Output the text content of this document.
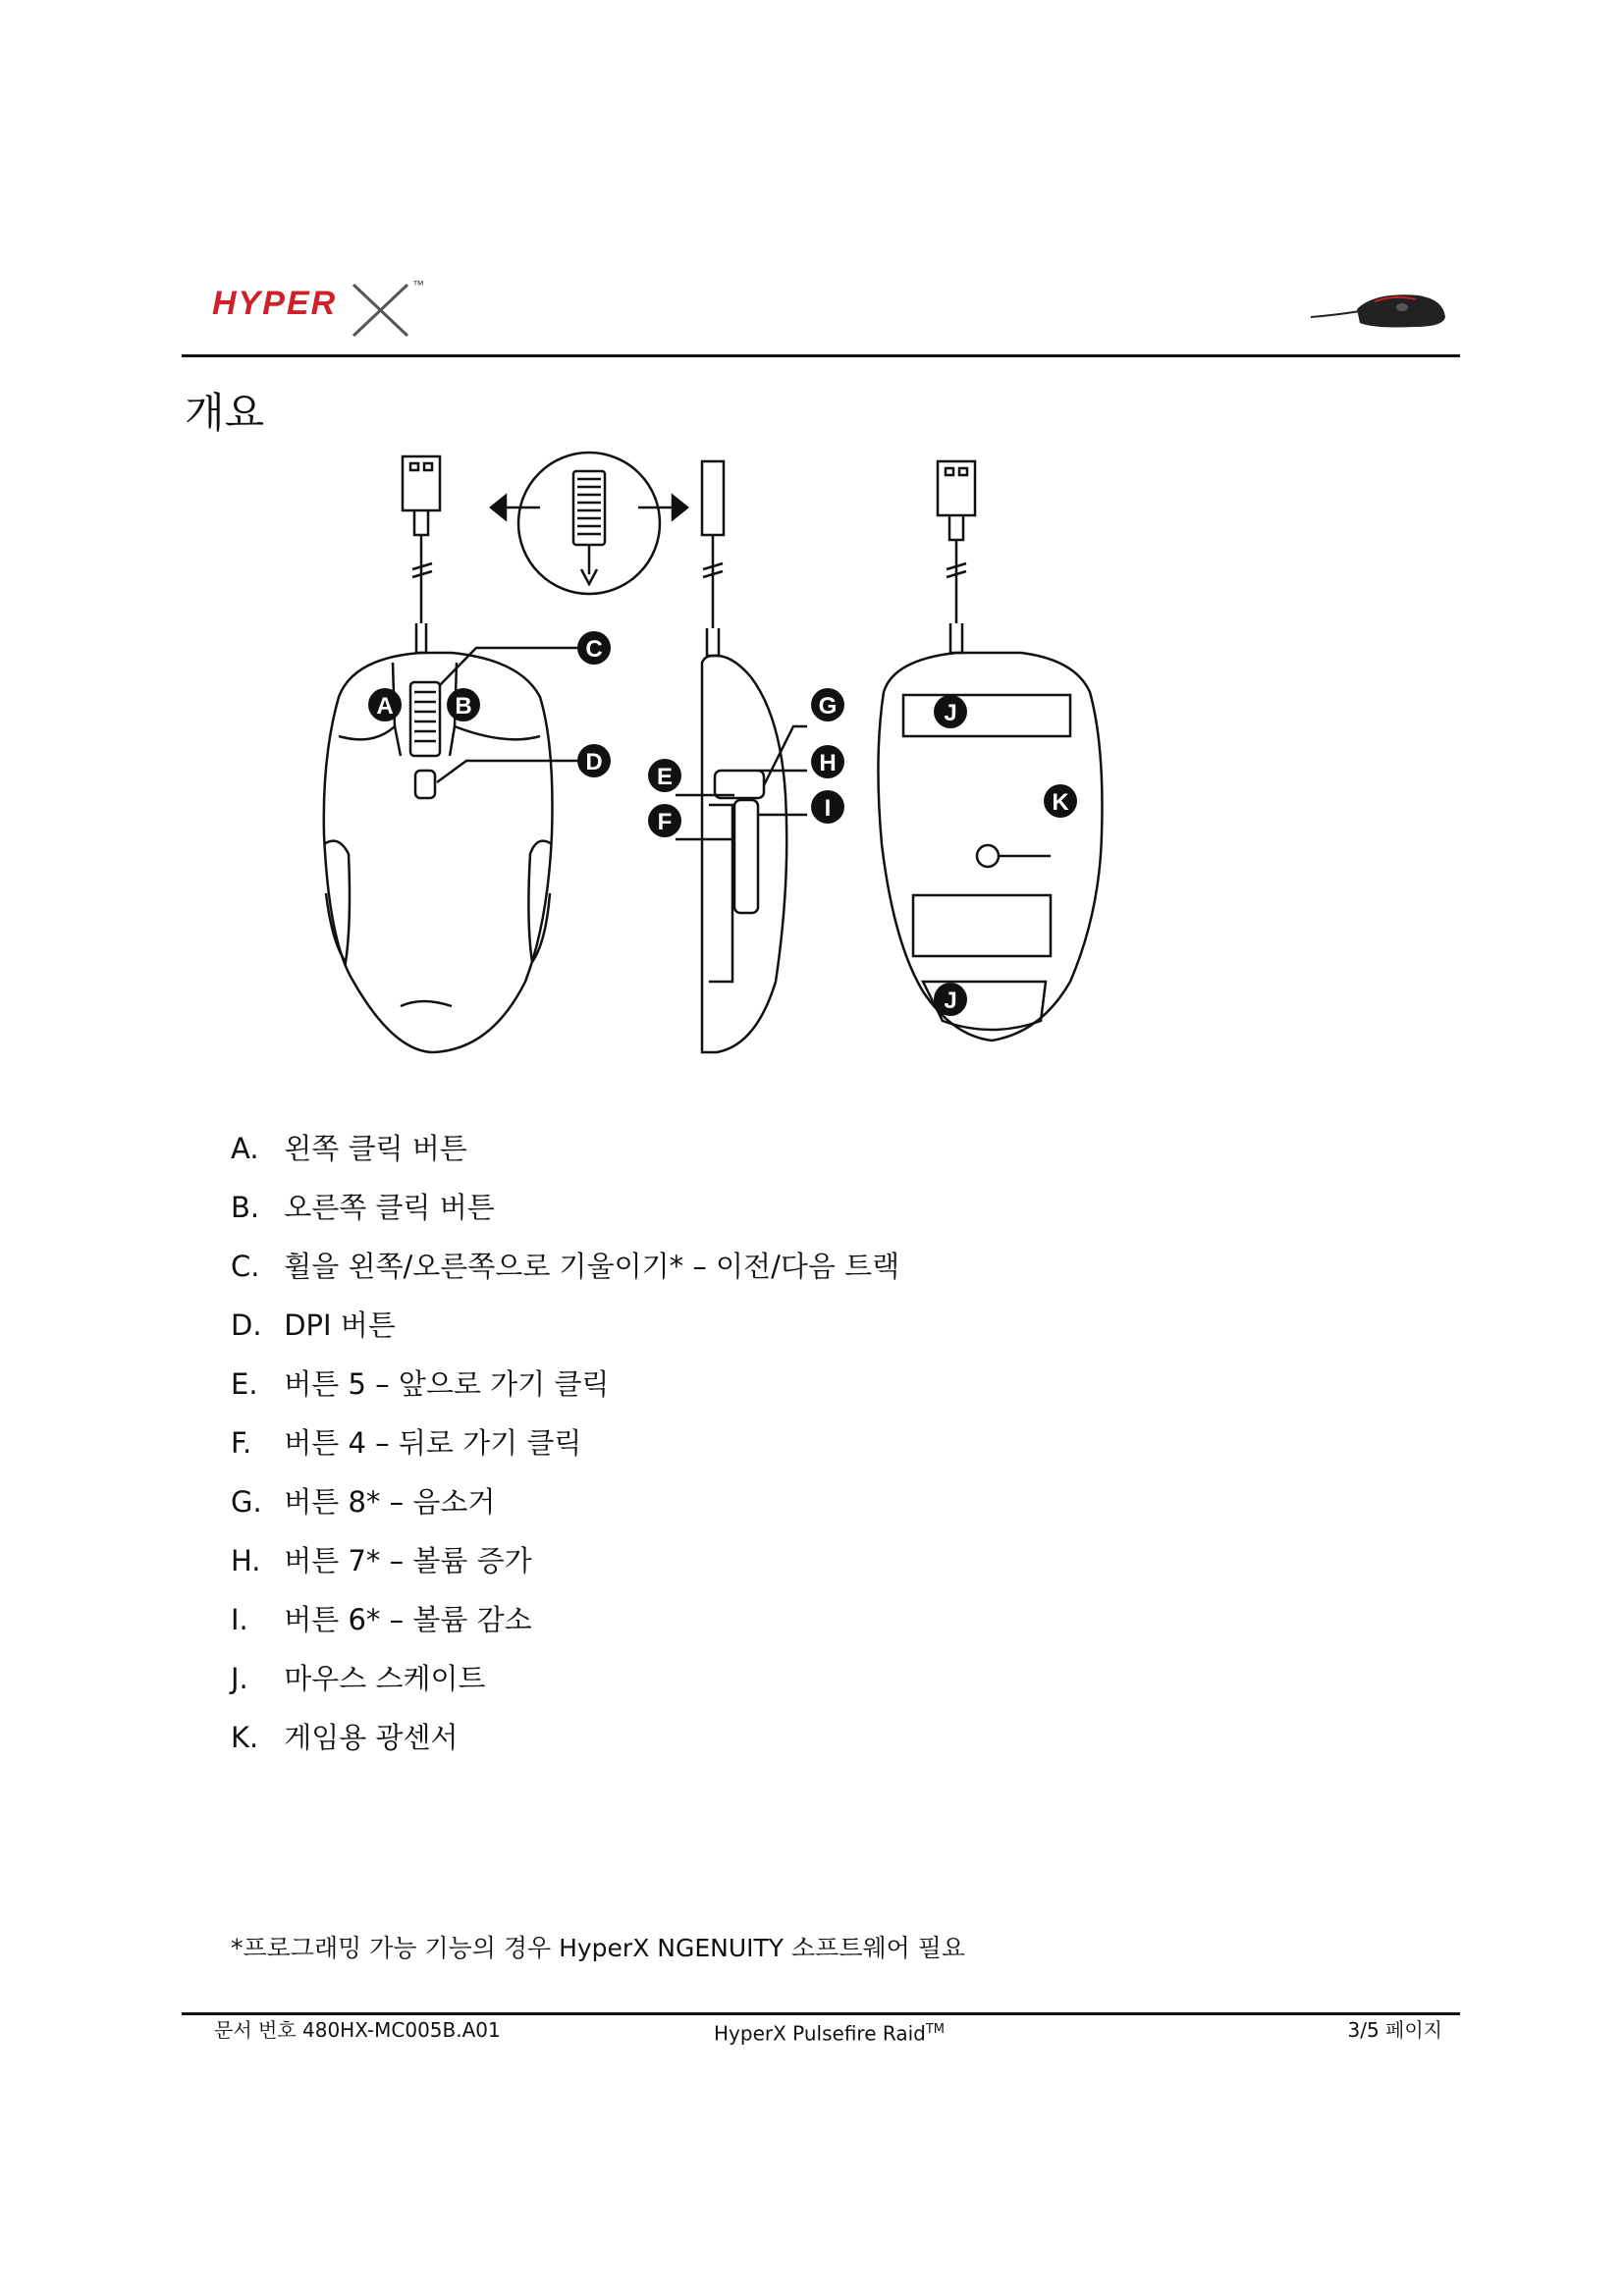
HYPER	™
개요
C
A	B
D
E
F
G
H
I
J
J
K
A. 왼쪽 클릭 버튼
B. 오른쪽 클릭 버튼
C. 휠을 왼쪽/오른쪽으로 기울이기* – 이전/다음 트랙
D. DPI 버튼
E. 버튼 5 – 앞으로 가기 클릭
F. 버튼 4 – 뒤로 가기 클릭
G. 버튼 8* – 음소거
H. 버튼 7* – 볼륨 증가
I. 버튼 6* – 볼륨 감소
J. 마우스 스케이트
K. 게임용 광센서
*프로그래밍 가능 기능의 경우 HyperX NGENUITY 소프트웨어 필요
문서 번호 480HX-MC005B.A01	HyperX Pulsefire Raid™	3/5 페이지
